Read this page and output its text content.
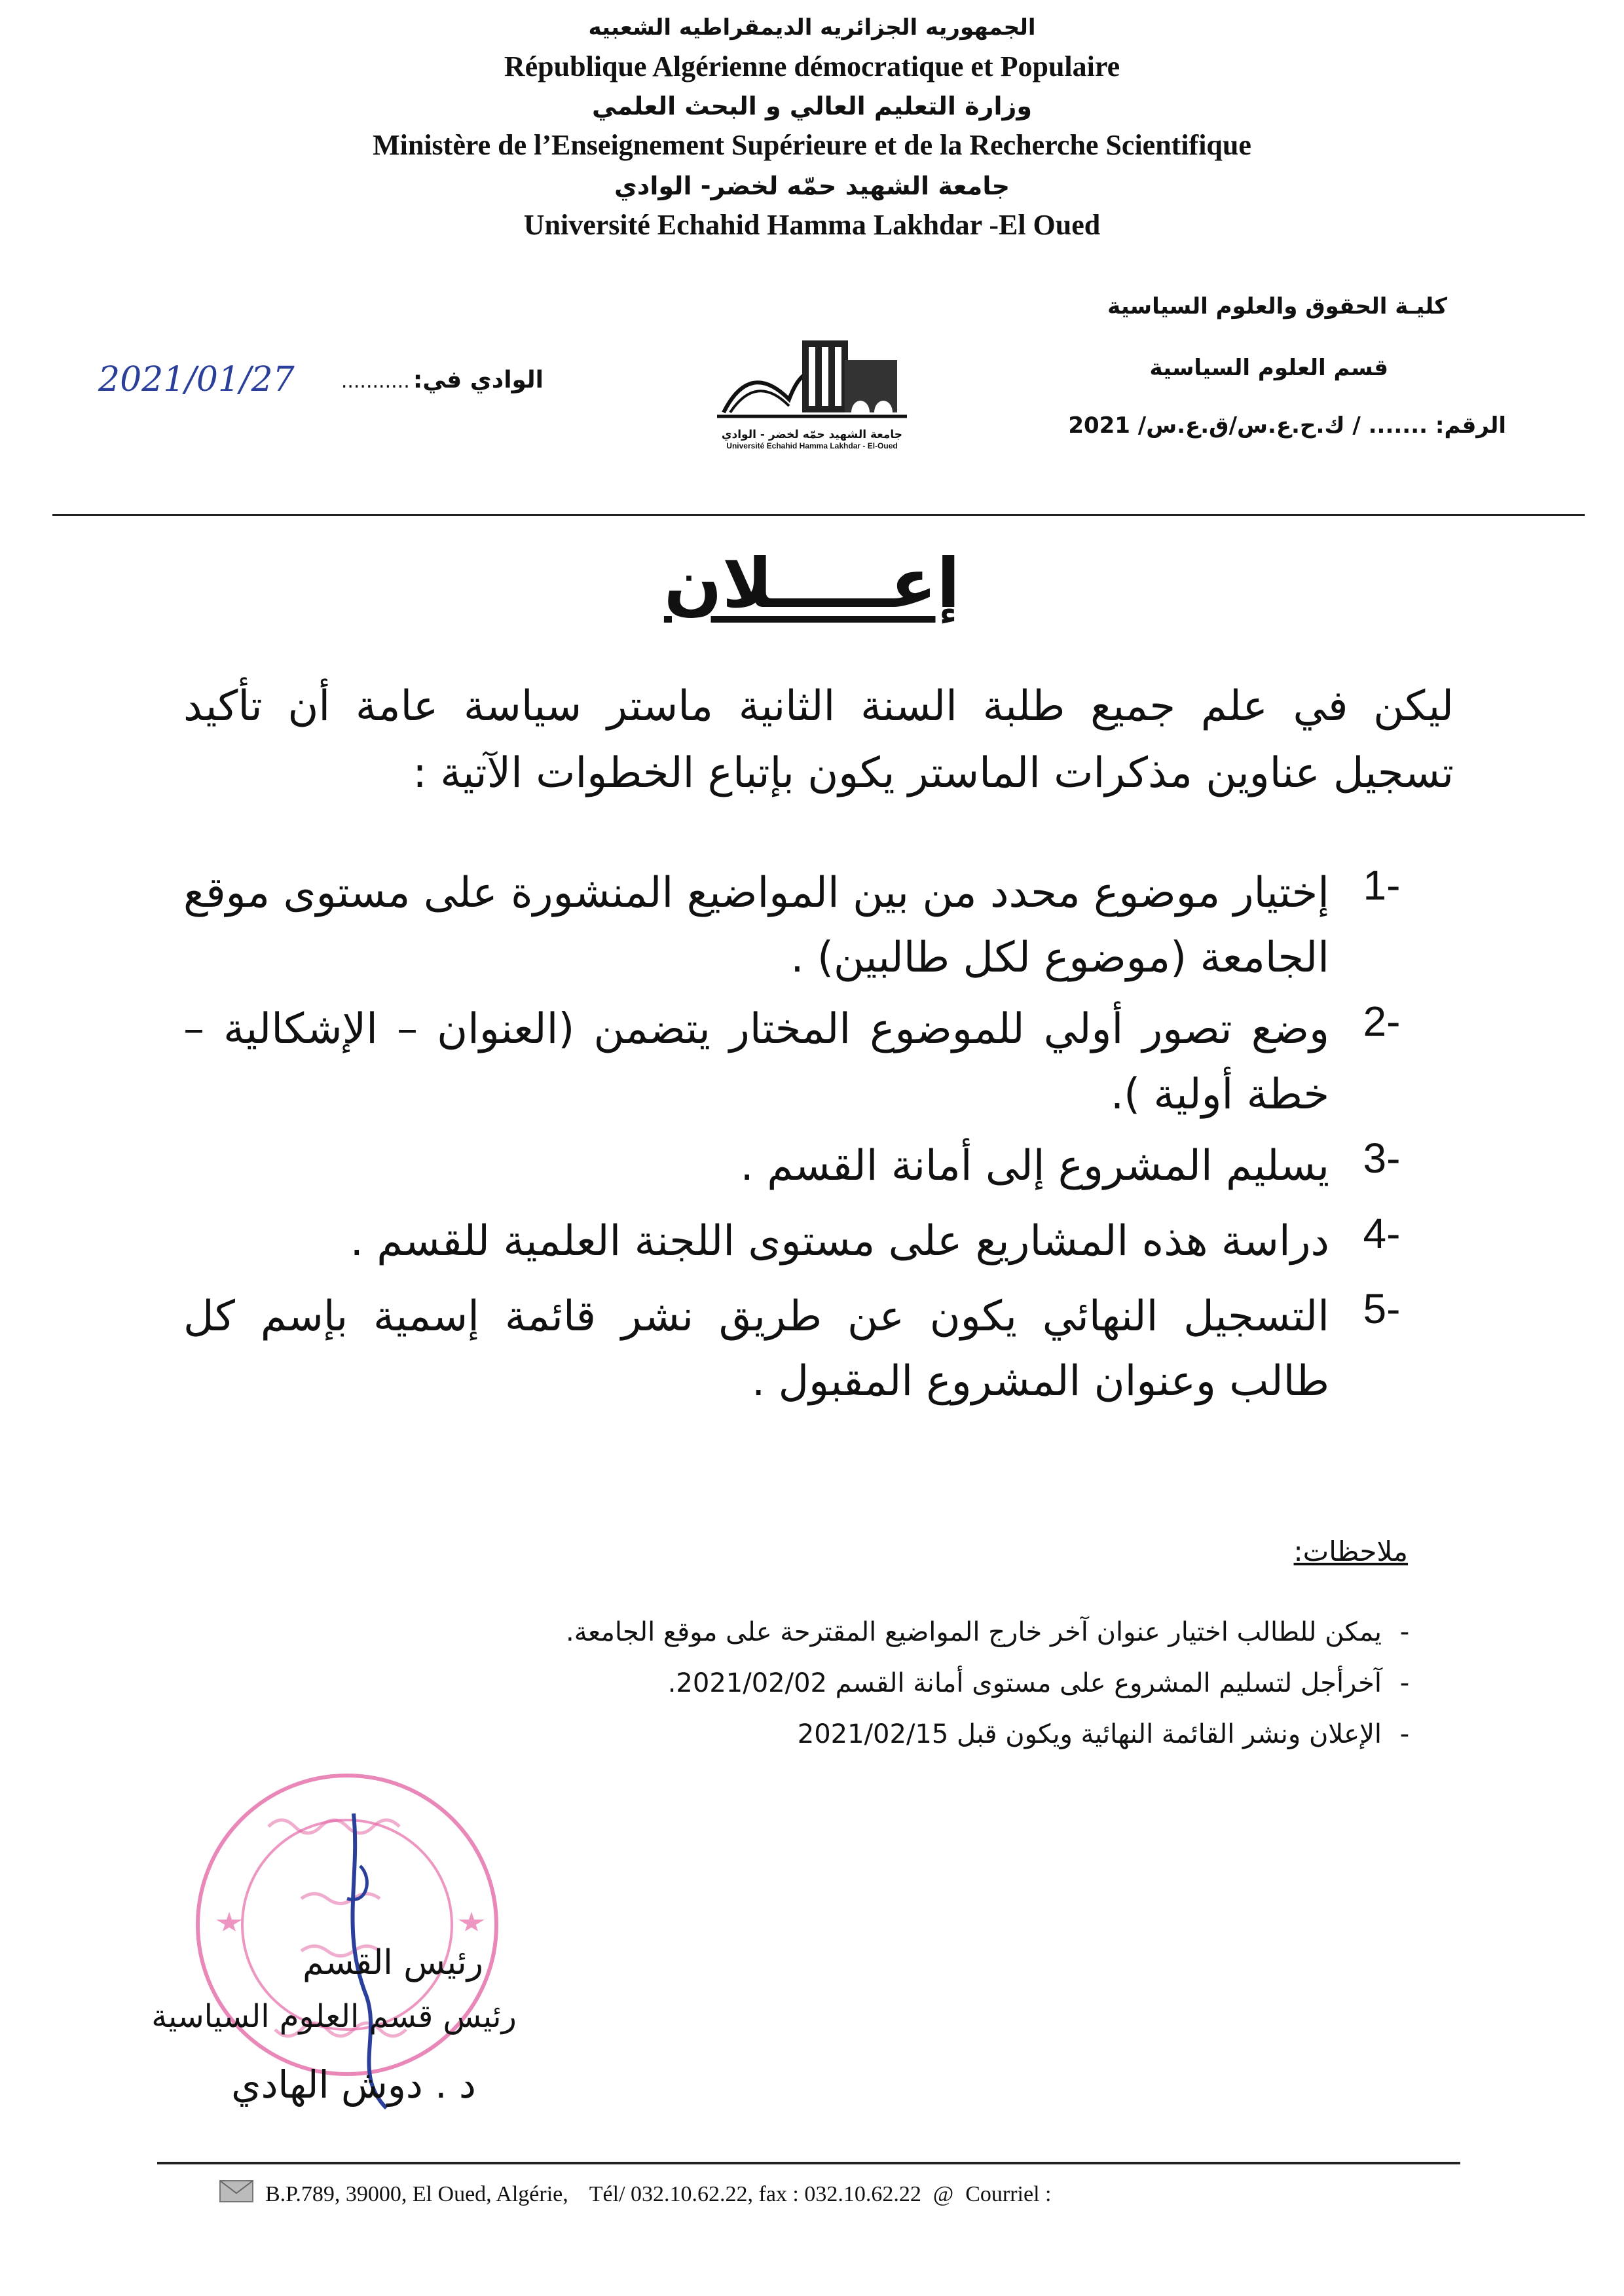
الجمهوريه الجزائريه الديمقراطيه الشعبيه
République Algérienne démocratique et Populaire
وزارة التعليم العالي و البحث العلمي
Ministère de l’Enseignement Supérieure et de la Recherche Scientifique
جامعة الشهيد حمّه لخضر- الوادي
Université Echahid Hamma Lakhdar -El Oued
كليـة الحقوق والعلوم السياسية
قسم العلوم السياسية
الرقم: ....... / ك.ح.ع.س/ق.ع.س/ 2021
جامعة الشهيد حمّه لخضر - الوادي
Université Echahid Hamma Lakhdar - El-Oued
الوادي في: ...........
2021/01/27
إعـــــلان
ليكن في علم جميع طلبة السنة الثانية ماستر سياسة عامة أن تأكيد تسجيل عناوين مذكرات الماستر يكون بإتباع الخطوات الآتية :
1-
إختيار موضوع محدد من بين المواضيع المنشورة على مستوى موقع الجامعة (موضوع لكل طالبين) .
2-
وضع تصور أولي للموضوع المختار يتضمن (العنوان – الإشكالية – خطة أولية ).
3-
يسليم المشروع إلى أمانة القسم .
4-
دراسة هذه المشاريع على مستوى اللجنة العلمية للقسم .
5-
التسجيل النهائي يكون عن طريق نشر قائمة إسمية بإسم كل طالب وعنوان المشروع المقبول .
ملاحظات:
-
يمكن للطالب اختيار عنوان آخر خارج المواضيع المقترحة على موقع الجامعة.
-
آخرأجل لتسليم المشروع على مستوى أمانة القسم 2021/02/02.
-
الإعلان ونشر القائمة النهائية ويكون قبل 2021/02/15
رئيس القسم
رئيس قسم العلوم السياسية
د . دوش الهادي
B.P.789, 39000, El Oued, Algérie, Tél/ 032.10.62.22, fax : 032.10.62.22 @ Courriel :
